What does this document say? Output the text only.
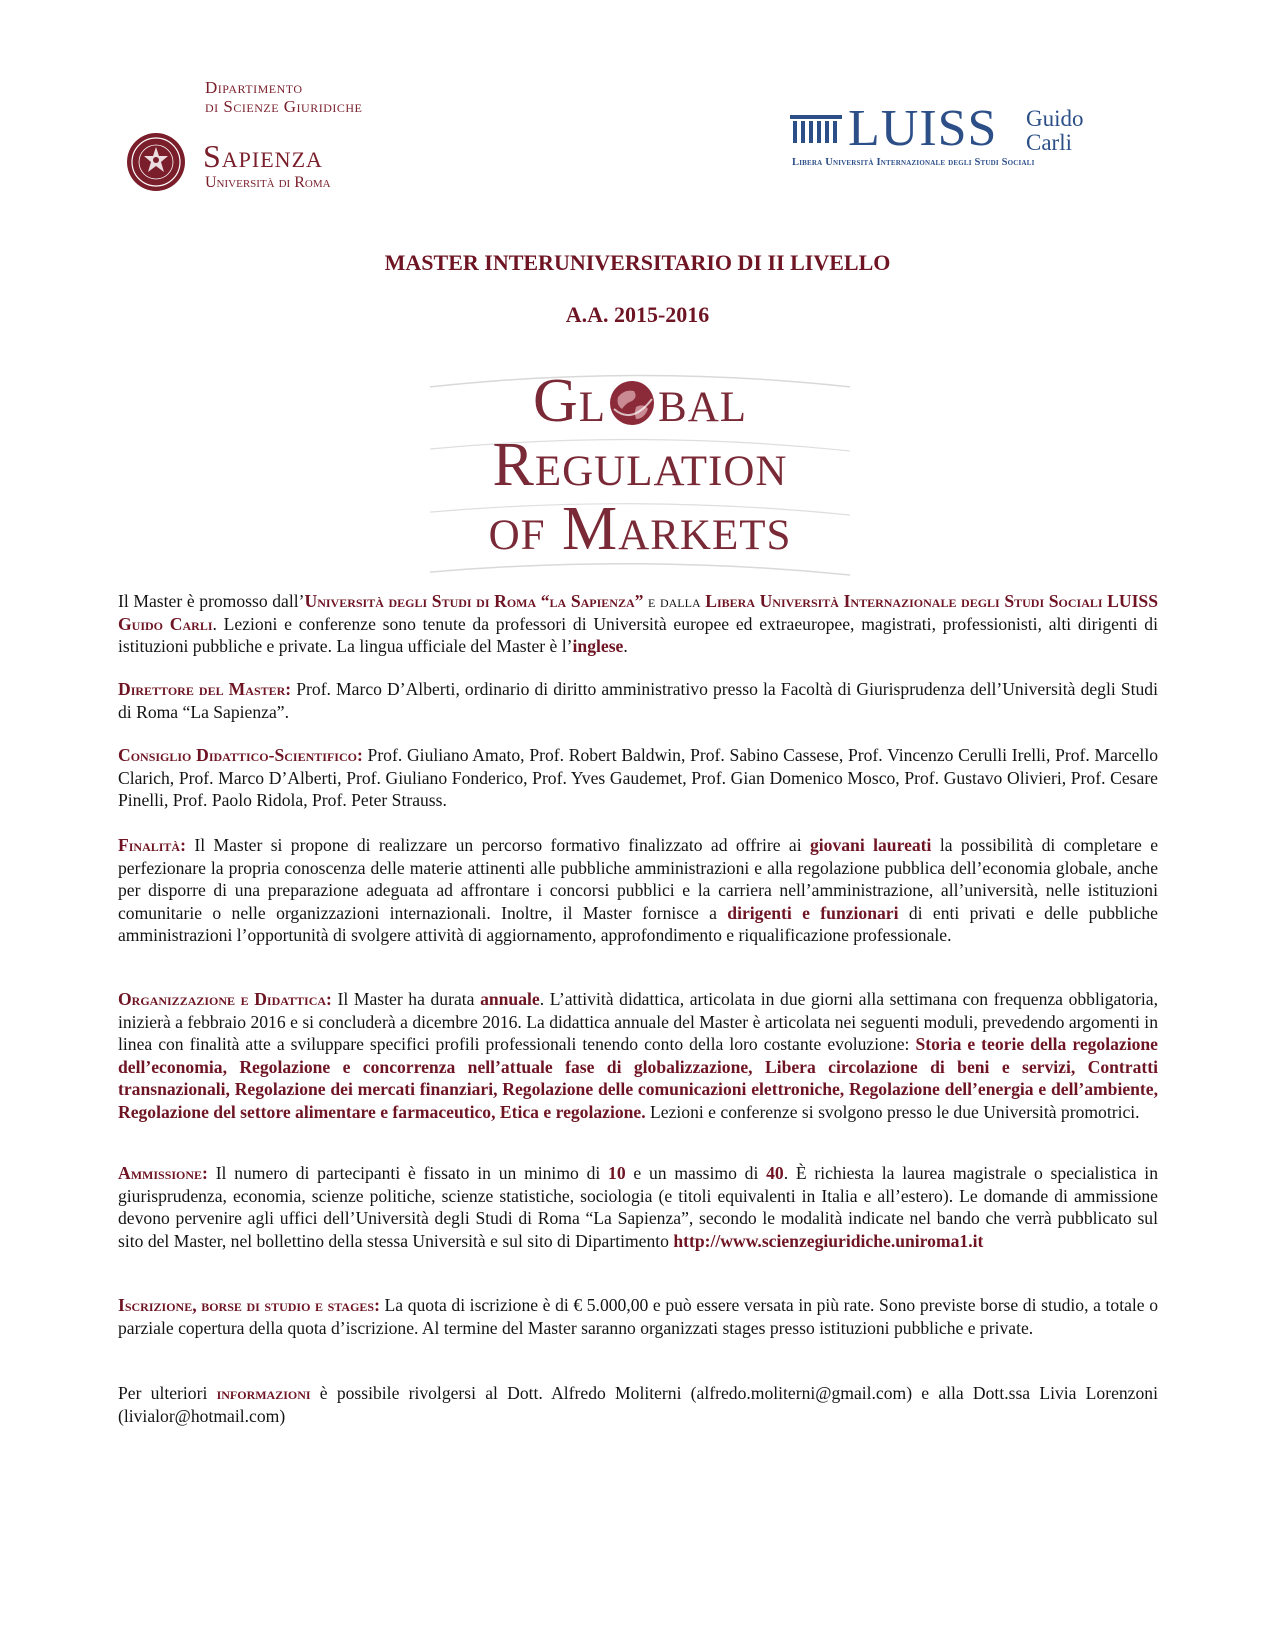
Dipartimento
di Scienze Giuridiche
Sapienza
Università di Roma
LUISS Guido
Carli
Libera Università Internazionale degli Studi Sociali
MASTER INTERUNIVERSITARIO DI II LIVELLO
A.A. 2015-2016
Gl bal
Regulation
of Markets

Il Master è promosso dall’Università degli Studi di Roma “la Sapienza” e dalla Libera Università Internazionale degli Studi Sociali LUISS Guido Carli. Lezioni e conferenze sono tenute da professori di Università europee ed extraeuropee, magistrati, professionisti, alti dirigenti di istituzioni pubbliche e private. La lingua ufficiale del Master è l’inglese.

Direttore del Master: Prof. Marco D’Alberti, ordinario di diritto amministrativo presso la Facoltà di Giurisprudenza dell’Università degli Studi di Roma “La Sapienza”.

Consiglio Didattico-Scientifico: Prof. Giuliano Amato, Prof. Robert Baldwin, Prof. Sabino Cassese, Prof. Vincenzo Cerulli Irelli, Prof. Marcello Clarich, Prof. Marco D’Alberti, Prof. Giuliano Fonderico, Prof. Yves Gaudemet, Prof. Gian Domenico Mosco, Prof. Gustavo Olivieri, Prof. Cesare Pinelli, Prof. Paolo Ridola, Prof. Peter Strauss.

Finalità: Il Master si propone di realizzare un percorso formativo finalizzato ad offrire ai giovani laureati la possibilità di completare e perfezionare la propria conoscenza delle materie attinenti alle pubbliche amministrazioni e alla regolazione pubblica dell’economia globale, anche per disporre di una preparazione adeguata ad affrontare i concorsi pubblici e la carriera nell’amministrazione, all’università, nelle istituzioni comunitarie o nelle organizzazioni internazionali. Inoltre, il Master fornisce a dirigenti e funzionari di enti privati e delle pubbliche amministrazioni l’opportunità di svolgere attività di aggiornamento, approfondimento e riqualificazione professionale.

Organizzazione e Didattica: Il Master ha durata annuale. L’attività didattica, articolata in due giorni alla settimana con frequenza obbligatoria, inizierà a febbraio 2016 e si concluderà a dicembre 2016. La didattica annuale del Master è articolata nei seguenti moduli, prevedendo argomenti in linea con finalità atte a sviluppare specifici profili professionali tenendo conto della loro costante evoluzione: Storia e teorie della regolazione dell’economia, Regolazione e concorrenza nell’attuale fase di globalizzazione, Libera circolazione di beni e servizi, Contratti transnazionali, Regolazione dei mercati finanziari, Regolazione delle comunicazioni elettroniche, Regolazione dell’energia e dell’ambiente, Regolazione del settore alimentare e farmaceutico, Etica e regolazione. Lezioni e conferenze si svolgono presso le due Università promotrici.

Ammissione: Il numero di partecipanti è fissato in un minimo di 10 e un massimo di 40. È richiesta la laurea magistrale o specialistica in giurisprudenza, economia, scienze politiche, scienze statistiche, sociologia (e titoli equivalenti in Italia e all’estero). Le domande di ammissione devono pervenire agli uffici dell’Università degli Studi di Roma “La Sapienza”, secondo le modalità indicate nel bando che verrà pubblicato sul sito del Master, nel bollettino della stessa Università e sul sito di Dipartimento http://www.scienzegiuridiche.uniroma1.it

Iscrizione, borse di studio e stages: La quota di iscrizione è di € 5.000,00 e può essere versata in più rate. Sono previste borse di studio, a totale o parziale copertura della quota d’iscrizione. Al termine del Master saranno organizzati stages presso istituzioni pubbliche e private.

Per ulteriori informazioni è possibile rivolgersi al Dott. Alfredo Moliterni (alfredo.moliterni@gmail.com) e alla Dott.ssa Livia Lorenzoni (livialor@hotmail.com)
